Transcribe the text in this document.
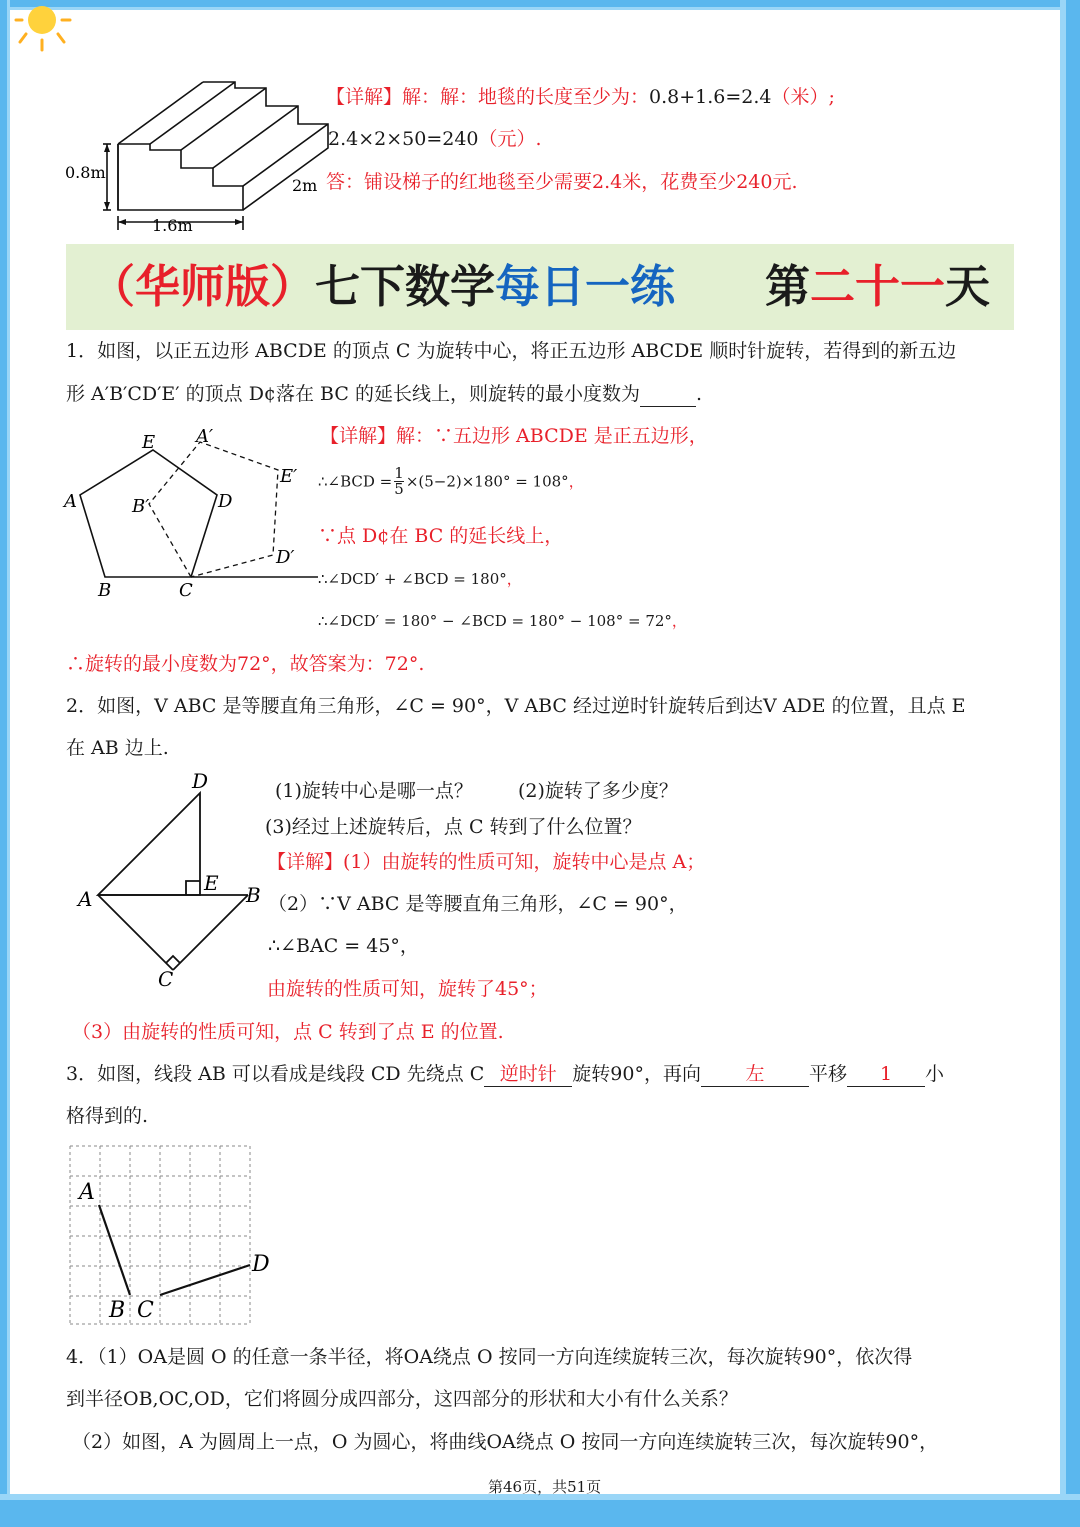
0.8m
1.6m
2m
【详解】解：解：地毯的长度至少为：0.8+1.6=2.4（米）;
2.4×2×50=240（元）.
答：铺设梯子的红地毯至少需要2.4米，花费至少240元.
（华师版）七下数学每日一练 第二十一天
1．如图，以正五边形 ABCDE 的顶点 C 为旋转中心，将正五边形 ABCDE 顺时针旋转，若得到的新五边
形 A′B′CD′E′ 的顶点 D¢落在 BC 的延长线上，则旋转的最小度数为	.
E A′
A	B′	D
E′
D′
B	C
【详解】解：∵五边形 ABCDE 是正五边形，
∴∠BCD = $\frac{1}{5} \times(5-2)\times 180^\circ = 108^\circ$，
∵点 D¢在 BC 的延长线上，
∴∠DCD′ + ∠BCD = 180°，
∴∠DCD′ = 180° − ∠BCD = 180° − 108° = 72°，
∴旋转的最小度数为72°，故答案为：72°.
2．如图，V ABC 是等腰直角三角形，∠C = 90°，V ABC 经过逆时针旋转后到达V ADE 的位置，且点 E
在 AB 边上.
D
E
A	B
C
(1)旋转中心是哪一点？ (2)旋转了多少度？
(3)经过上述旋转后，点 C 转到了什么位置？
【详解】(1）由旋转的性质可知，旋转中心是点 A；
（2）∵V ABC 是等腰直角三角形，∠C = 90°，
∴∠BAC = 45°，
由旋转的性质可知，旋转了45°；
（3）由旋转的性质可知，点 C 转到了点 E 的位置.
3．如图，线段 AB 可以看成是线段 CD 先绕点 C 逆时针 旋转90°，再向 左 平移 1 小
格得到的.
A
B C
D
4．（1）OA是圆 O 的任意一条半径，将OA绕点 O 按同一方向连续旋转三次，每次旋转90°，依次得
到半径OB,OC,OD，它们将圆分成四部分，这四部分的形状和大小有什么关系？
（2）如图，A 为圆周上一点，O 为圆心，将曲线OA绕点 O 按同一方向连续旋转三次，每次旋转90°，
第46页，共51页
